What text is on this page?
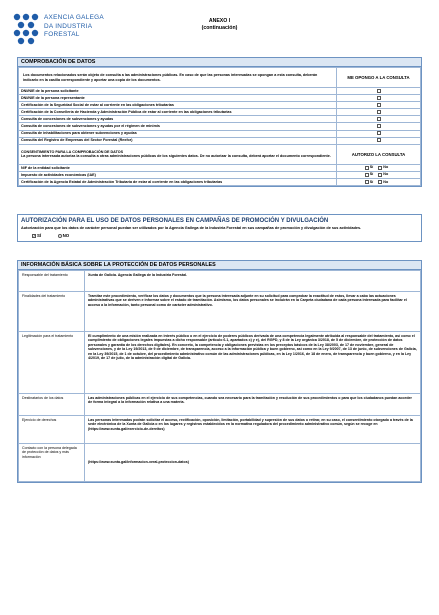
AXENCIA GALEGA
DA INDUSTRIA
FORESTAL
ANEXO I
(continuación)
COMPROBACIÓN DE DATOS
Los documentos relacionados serán objeto de consulta a las administraciones públicas. En caso de que las personas interesadas se opongan a esta consulta, deberán indicarlo en la casilla correspondiente y aportar una copia de los documentos.	ME OPONGO A LA CONSULTA
DNI/NIE de la persona solicitante	
DNI/NIE de la persona representante	
Certificación de la Seguridad Social de estar al corriente en las obligaciones tributarias	
Certificación de la Consellería de Hacienda y Administración Pública de estar al corriente en las obligaciones tributarias	
Consulta de concesiones de subvenciones y ayudas	
Consulta de concesiones de subvenciones y ayudas por el régimen de minimis	
Consulta de inhabilitaciones para obtener subvenciones y ayudas	
Consulta del Registro de Empresas del Sector Forestal (Rexfor)	

CONSENTIMIENTO PARA LA COMPROBACIÓN DE DATOS
La persona interesada autoriza la consulta a otras administraciones públicas de los siguientes datos. De no autorizar la consulta, deberá aportar el documento correspondiente.	AUTORIZO LA CONSULTA
NIF de la entidad solicitante	Sí No
Impuesto de actividades económicas (IAE)	Sí No
Certificación de la Agencia Estatal de Administración Tributaria de estar al corriente en las obligaciones tributarias	Sí No
AUTORIZACIÓN PARA EL USO DE DATOS PERSONALES EN CAMPAÑAS DE PROMOCIÓN Y DIVULGACIÓN
Autorización para que los datos de carácter personal puedan ser utilizados por la Agencia Gallega de la Industria Forestal en sus campañas de promoción y divulgación de sus actividades.
✓SÍ	NO
INFORMACIÓN BÁSICA SOBRE LA PROTECCIÓN DE DATOS PERSONALES
Responsable del tratamiento	Xunta de Galicia. Agencia Gallega de la Industria Forestal.
Finalidades del tratamiento	Tramitar este procedimiento, verificar los datos y documentos que la persona interesada adjunte en su solicitud para comprobar la exactitud de estos, llevar a cabo las actuaciones administrativas que se deriven e informar sobre el estado de tramitación. Asimismo, los datos personales se incluirán en la Carpeta ciudadana de cada persona interesada para facilitar el acceso a la información, tanto personal como de carácter administrativo.
Legitimación para el tratamiento	El cumplimiento de una misión realizada en interés público o en el ejercicio de poderes públicos derivada de una competencia legalmente atribuida al responsable del tratamiento, así como el cumplimiento de obligaciones legales impuestas a dicho responsable (artículo 6.1, apartados c) y e), del RGPD, y 8 de la Ley orgánica 3/2018, de 5 de diciembre, de protección de datos personales y garantía de los derechos digitales). En concreto, la competencia y obligaciones previstas en los preceptos básicos de la Ley 38/2003, de 17 de noviembre, general de subvenciones, y de la Ley 19/2013, de 9 de diciembre, de transparencia, acceso a la información pública y buen gobierno, así como en la Ley 9/2007, de 13 de junio, de subvenciones de Galicia, en la Ley 39/2015, de 1 de octubre, del procedimiento administrativo común de las administraciones públicas, en la Ley 1/2016, de 18 de enero, de transparencia y buen gobierno, y en la Ley 4/2019, de 17 de julio, de la administración digital de Galicia.
Destinatarios de los datos	Las administraciones públicas en el ejercicio de sus competencias, cuando sea necesario para la tramitación y resolución de sus procedimientos o para que los ciudadanos puedan acceder de forma integral a la información relativa a una materia.
Ejercicio de derechos	Las personas interesadas podrán solicitar el acceso, rectificación, oposición, limitación, portabilidad y supresión de sus datos o retirar, en su caso, el consentimiento otorgado a través de la sede electrónica de la Xunta de Galicia o en los lugares y registros establecidos en la normativa reguladora del procedimiento administrativo común, según se recoge en (https://www.xunta.gal/exercicio-de-dereitos)
Contacto con la persona delegada de protección de datos y más información	(https://www.xunta.gal/informacion-xeral-proteccion-datos)
